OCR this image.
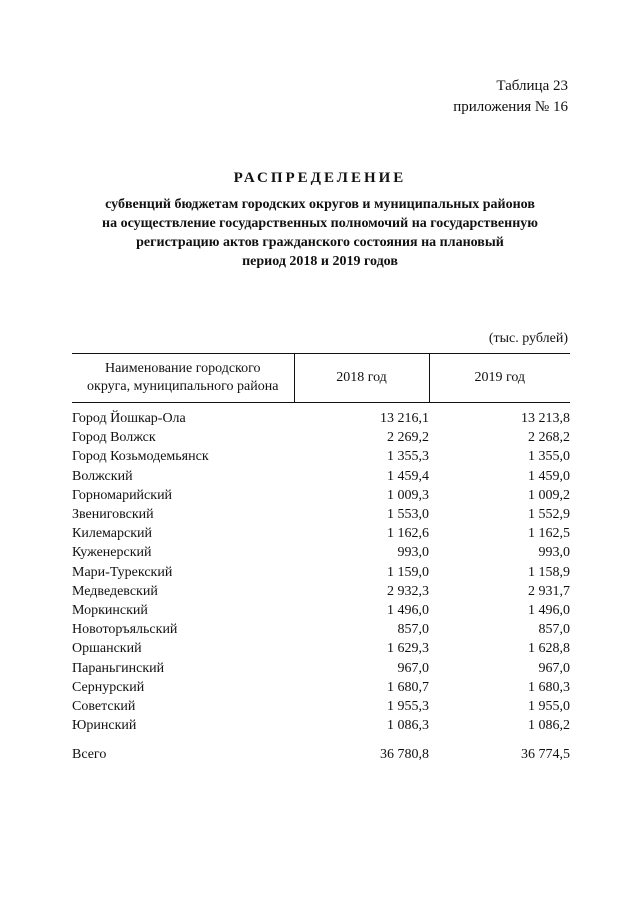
Таблица 23
приложения № 16
РАСПРЕДЕЛЕНИЕ
субвенций бюджетам городских округов и муниципальных районов
на осуществление государственных полномочий на государственную
регистрацию актов гражданского состояния на плановый
период 2018 и 2019 годов
(тыс. рублей)
Наименование городского
округа, муниципального района	2018 год	2019 год
Город Йошкар-Ола	13 216,1	13 213,8
Город Волжск	2 269,2	2 268,2
Город Козьмодемьянск	1 355,3	1 355,0
Волжский	1 459,4	1 459,0
Горномарийский	1 009,3	1 009,2
Звениговский	1 553,0	1 552,9
Килемарский	1 162,6	1 162,5
Куженерский	993,0	993,0
Мари-Турекский	1 159,0	1 158,9
Медведевский	2 932,3	2 931,7
Моркинский	1 496,0	1 496,0
Новоторъяльский	857,0	857,0
Оршанский	1 629,3	1 628,8
Параньгинский	967,0	967,0
Сернурский	1 680,7	1 680,3
Советский	1 955,3	1 955,0
Юринский	1 086,3	1 086,2
Всего	36 780,8	36 774,5
